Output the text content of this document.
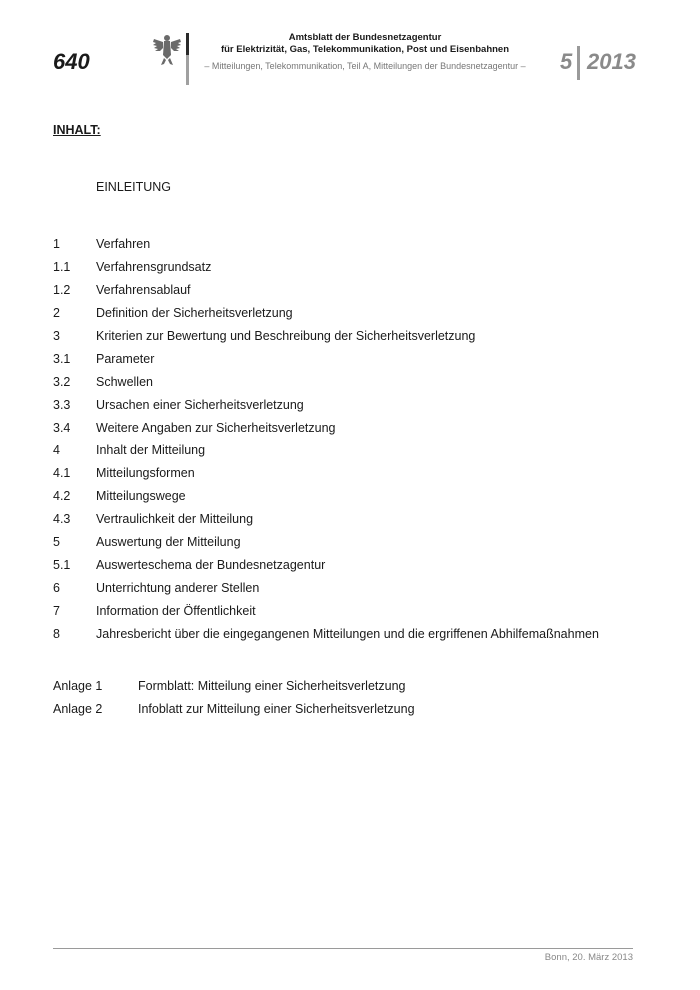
640
Amtsblatt der Bundesnetzagentur
für Elektrizität, Gas, Telekommunikation, Post und Eisenbahnen
– Mitteilungen, Telekommunikation, Teil A, Mitteilungen der Bundesnetzagentur –	5 2013
INHALT:
EINLEITUNG
1	Verfahren
1.1	Verfahrensgrundsatz
1.2	Verfahrensablauf
2	Definition der Sicherheitsverletzung
3	Kriterien zur Bewertung und Beschreibung der Sicherheitsverletzung
3.1	Parameter
3.2	Schwellen
3.3	Ursachen einer Sicherheitsverletzung
3.4	Weitere Angaben zur Sicherheitsverletzung
4	Inhalt der Mitteilung
4.1	Mitteilungsformen
4.2	Mitteilungswege
4.3	Vertraulichkeit der Mitteilung
5	Auswertung der Mitteilung
5.1	Auswerteschema der Bundesnetzagentur
6	Unterrichtung anderer Stellen
7	Information der Öffentlichkeit
8	Jahresbericht über die eingegangenen Mitteilungen und die ergriffenen Abhilfemaßnahmen
Anlage 1	Formblatt: Mitteilung einer Sicherheitsverletzung
Anlage 2	Infoblatt zur Mitteilung einer Sicherheitsverletzung
Bonn, 20. März 2013
